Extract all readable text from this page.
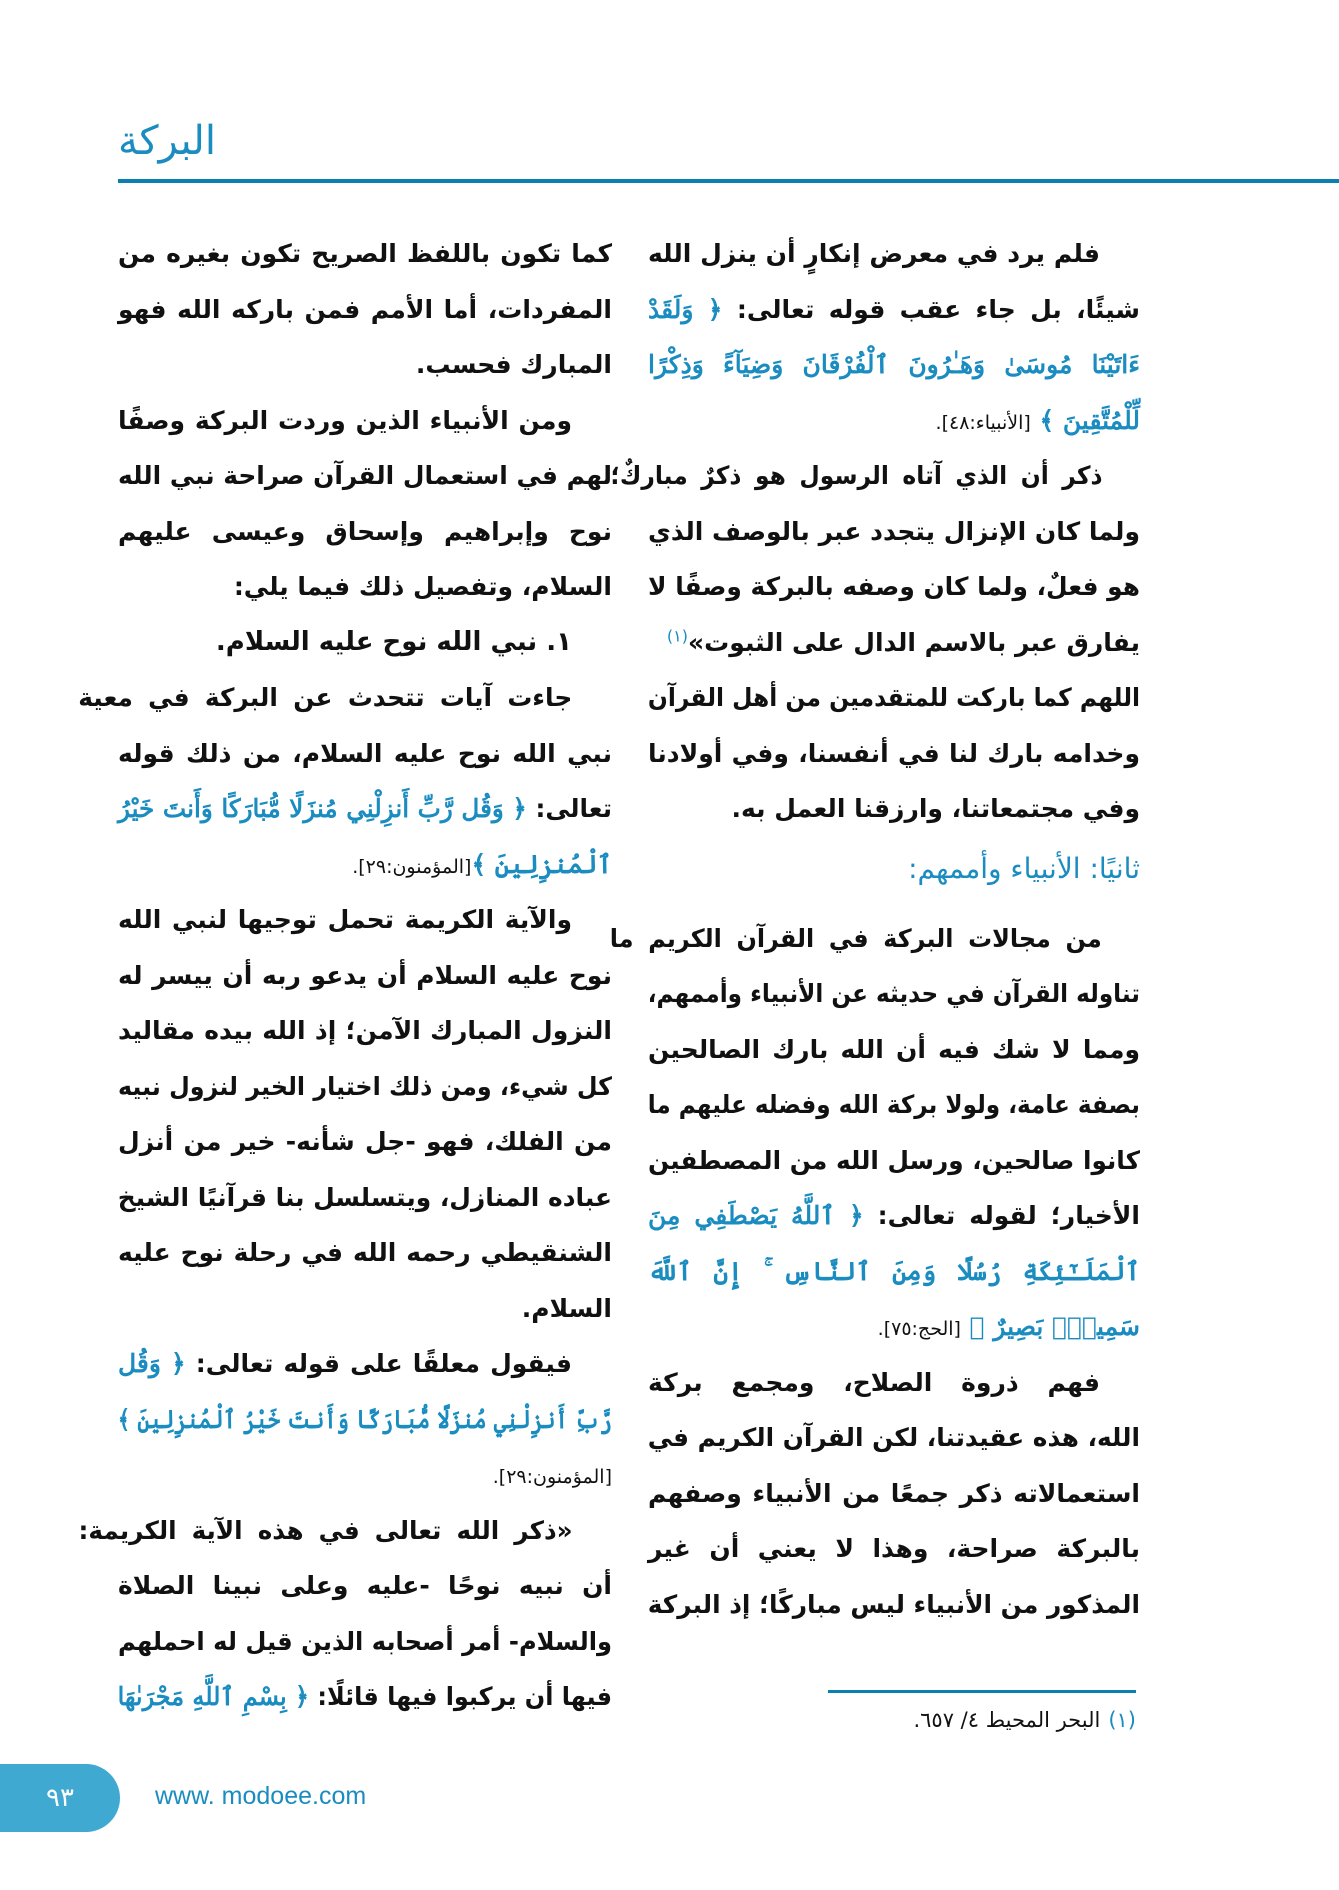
البركة
فلم يرد في معرض إنكارٍ أن ينزل الله
شيئًا، بل جاء عقب قوله تعالى: ﴿ وَلَقَدْ
ءَاتَيْنَا مُوسَىٰ وَهَـٰرُونَ ٱلْفُرْقَانَ وَضِيَآءً وَذِكْرًا
لِّلْمُتَّقِينَ ﴾ [الأنبياء:٤٨].
ذكر أن الذي آتاه الرسول هو ذكرٌ مباركٌ؛
ولما كان الإنزال يتجدد عبر بالوصف الذي
هو فعلٌ، ولما كان وصفه بالبركة وصفًا لا
يفارق عبر بالاسم الدال على الثبوت»$^{(١)}$
اللهم كما باركت للمتقدمين من أهل القرآن
وخدامه بارك لنا في أنفسنا، وفي أولادنا
وفي مجتمعاتنا، وارزقنا العمل به.
ثانيًا: الأنبياء وأممهم:
من مجالات البركة في القرآن الكريم ما
تناوله القرآن في حديثه عن الأنبياء وأممهم،
ومما لا شك فيه أن الله بارك الصالحين
بصفة عامة، ولولا بركة الله وفضله عليهم ما
كانوا صالحين، ورسل الله من المصطفين
الأخيار؛ لقوله تعالى: ﴿ ٱللَّهُ يَصْطَفِي مِنَ
ٱلْمَلَـٰٓئِكَةِ رُسُلًا وَمِنَ ٱلنَّاسِ ۚ إِنَّ ٱللَّهَ
سَمِيعٌۢ بَصِيرٌ ﴾ [الحج:٧٥].
فهم ذروة الصلاح، ومجمع بركة
الله، هذه عقيدتنا، لكن القرآن الكريم في
استعمالاته ذكر جمعًا من الأنبياء وصفهم
بالبركة صراحة، وهذا لا يعني أن غير
المذكور من الأنبياء ليس مباركًا؛ إذ البركة
كما تكون باللفظ الصريح تكون بغيره من
المفردات، أما الأمم فمن باركه الله فهو
المبارك فحسب.
ومن الأنبياء الذين وردت البركة وصفًا
لهم في استعمال القرآن صراحة نبي الله
نوح وإبراهيم وإسحاق وعيسى عليهم
السلام، وتفصيل ذلك فيما يلي:
١. نبي الله نوح عليه السلام.
جاءت آيات تتحدث عن البركة في معية
نبي الله نوح عليه السلام، من ذلك قوله
تعالى: ﴿ وَقُل رَّبِّ أَنزِلْنِي مُنزَلًا مُّبَارَكًا وَأَنتَ خَيْرُ
ٱلْمُنزِلِينَ ﴾[المؤمنون:٢٩].
والآية الكريمة تحمل توجيها لنبي الله
نوح عليه السلام أن يدعو ربه أن ييسر له
النزول المبارك الآمن؛ إذ الله بيده مقاليد
كل شيء، ومن ذلك اختيار الخير لنزول نبيه
من الفلك، فهو -جل شأنه- خير من أنزل
عباده المنازل، ويتسلسل بنا قرآنيًا الشيخ
الشنقيطي رحمه الله في رحلة نوح عليه
السلام.
فيقول معلقًا على قوله تعالى: ﴿ وَقُل
رَّبِّ أَنزِلْنِي مُنزَلًا مُّبَارَكًا وَأَنتَ خَيْرُ ٱلْمُنزِلِينَ ﴾
[المؤمنون:٢٩].
«ذكر الله تعالى في هذه الآية الكريمة:
أن نبيه نوحًا -عليه وعلى نبينا الصلاة
والسلام- أمر أصحابه الذين قيل له احملهم
فيها أن يركبوا فيها قائلًا: ﴿ بِسْمِ ٱللَّهِ مَجْرَىٰهَا
(١)البحر المحيط ٤/ ٦٥٧.
٩٣	www. modoee.com
